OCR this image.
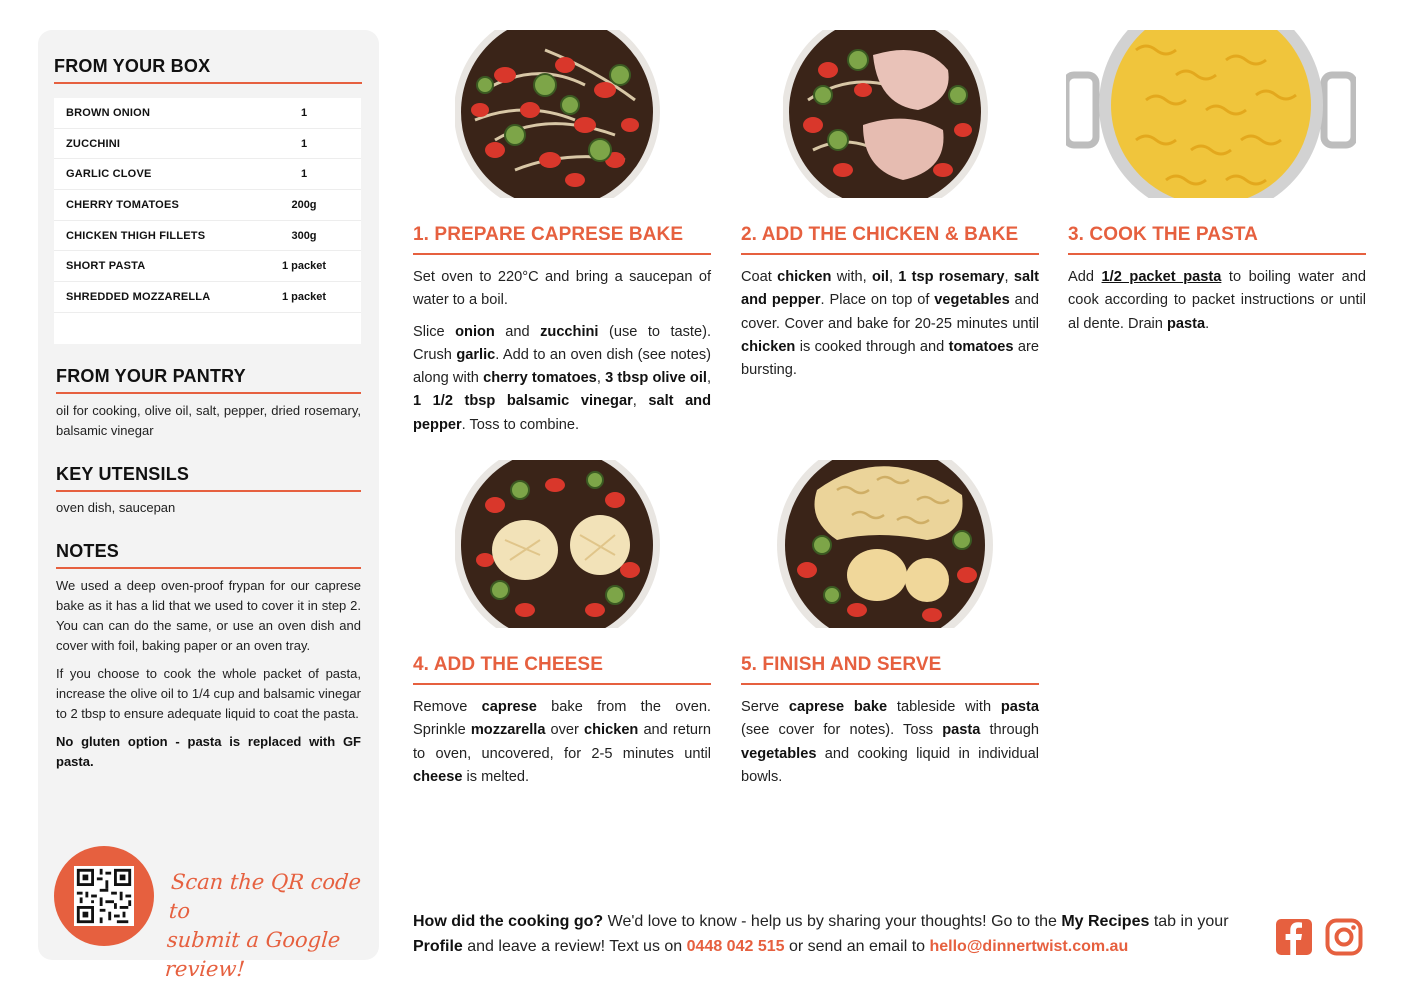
FROM YOUR BOX
BROWN ONION	1
ZUCCHINI	1
GARLIC CLOVE	1
CHERRY TOMATOES	200g
CHICKEN THIGH FILLETS	300g
SHORT PASTA	1 packet
SHREDDED MOZZARELLA	1 packet
FROM YOUR PANTRY
oil for cooking, olive oil, salt, pepper, dried rosemary, balsamic vinegar
KEY UTENSILS
oven dish, saucepan
NOTES

We used a deep oven-proof frypan for our caprese bake as it has a lid that we used to cover it in step 2. You can can do the same, or use an oven dish and cover with foil, baking paper or an oven tray.

If you choose to cook the whole packet of pasta, increase the olive oil to 1/4 cup and balsamic vinegar to 2 tbsp to ensure adequate liquid to coat the pasta.

No gluten option - pasta is replaced with GF pasta.

Scan the QR code to
submit a Google review!
1. PREPARE CAPRESE BAKE

Set oven to 220°C and bring a saucepan of water to a boil.

Slice onion and zucchini (use to taste). Crush garlic. Add to an oven dish (see notes) along with cherry tomatoes, 3 tbsp olive oil, 1 1/2 tbsp balsamic vinegar, salt and pepper. Toss to combine.

2. ADD THE CHICKEN & BAKE

Coat chicken with, oil, 1 tsp rosemary, salt and pepper. Place on top of vegetables and cover. Cover and bake for 20-25 minutes until chicken is cooked through and tomatoes are bursting.

3. COOK THE PASTA

Add 1/2 packet pasta to boiling water and cook according to packet instructions or until al dente. Drain pasta.

4. ADD THE CHEESE

Remove caprese bake from the oven. Sprinkle mozzarella over chicken and return to oven, uncovered, for 2-5 minutes until cheese is melted.

5. FINISH AND SERVE

Serve caprese bake tableside with pasta (see cover for notes). Toss pasta through vegetables and cooking liquid in individual bowls.

How did the cooking go? We'd love to know - help us by sharing your thoughts! Go to the My Recipes tab in your Profile and leave a review! Text us on 0448 042 515 or send an email to hello@dinnertwist.com.au
